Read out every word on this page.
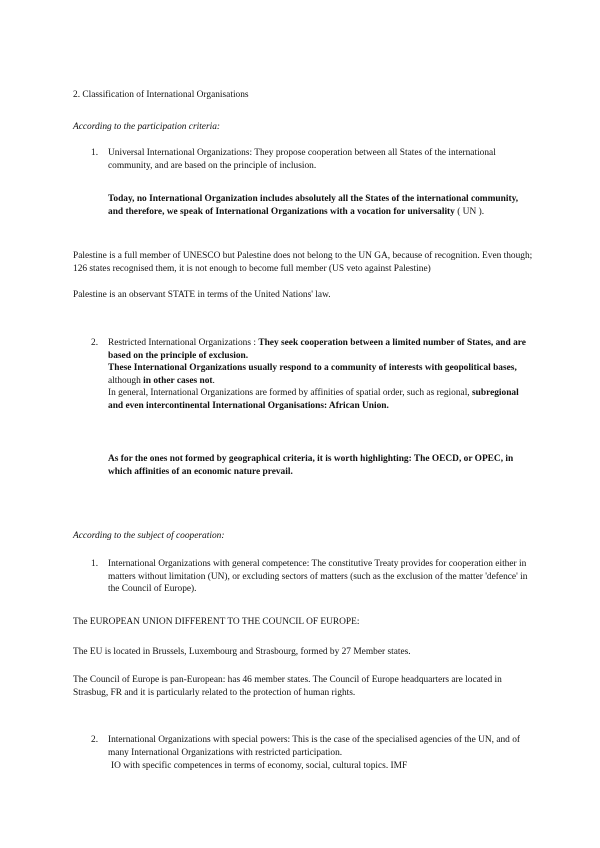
2. Classification of International Organisations
According to the participation criteria:
1. Universal International Organizations: They propose cooperation between all States of the international community, and are based on the principle of inclusion.
Today, no International Organization includes absolutely all the States of the international community, and therefore, we speak of International Organizations with a vocation for universality ( UN ).
Palestine is a full member of UNESCO but Palestine does not belong to the UN GA, because of recognition. Even though; 126 states recognised them, it is not enough to become full member (US veto against Palestine)
Palestine is an observant STATE in terms of the United Nations' law.
2. Restricted International Organizations : They seek cooperation between a limited number of States, and are based on the principle of exclusion.
These International Organizations usually respond to a community of interests with geopolitical bases, although in other cases not.
In general, International Organizations are formed by affinities of spatial order, such as regional, subregional and even intercontinental International Organisations: African Union.
As for the ones not formed by geographical criteria, it is worth highlighting: The OECD, or OPEC, in which affinities of an economic nature prevail.
According to the subject of cooperation:
1. International Organizations with general competence: The constitutive Treaty provides for cooperation either in matters without limitation (UN), or excluding sectors of matters (such as the exclusion of the matter 'defence' in the Council of Europe).
The EUROPEAN UNION DIFFERENT TO THE COUNCIL OF EUROPE:
The EU is located in Brussels, Luxembourg and Strasbourg, formed by 27 Member states.
The Council of Europe is pan-European: has 46 member states. The Council of Europe headquarters are located in Strasbug, FR and it is particularly related to the protection of human rights.
2. International Organizations with special powers: This is the case of the specialised agencies of the UN, and of many International Organizations with restricted participation.
IO with specific competences in terms of economy, social, cultural topics. IMF
